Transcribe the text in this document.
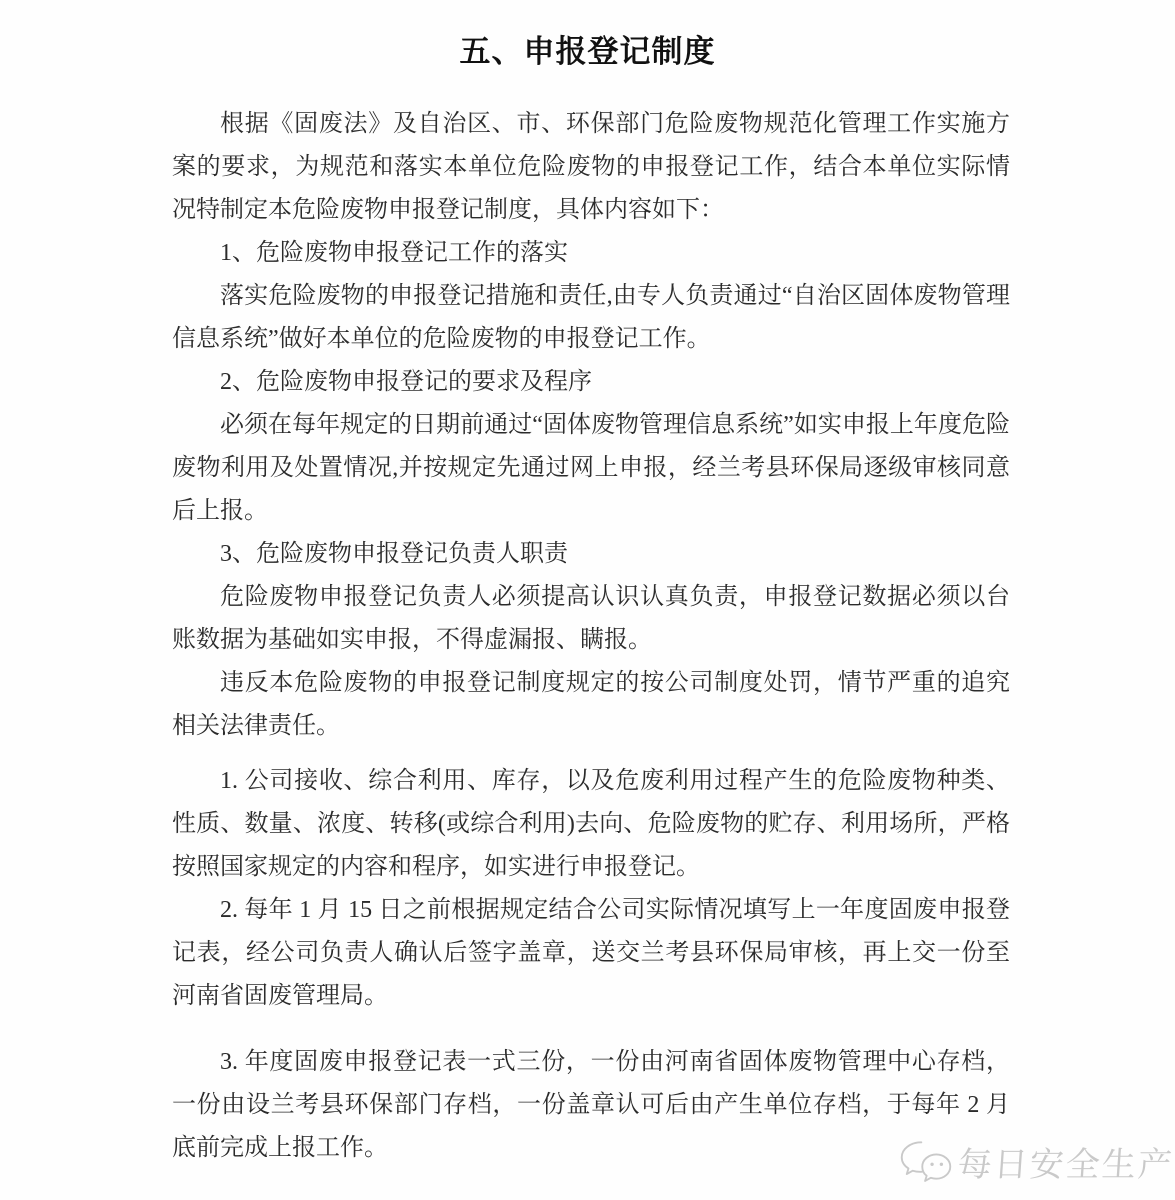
五、申报登记制度

根据《固废法》及自治区、市、环保部门危险废物规范化管理工作实施方案的要求，为规范和落实本单位危险废物的申报登记工作，结合本单位实际情况特制定本危险废物申报登记制度，具体内容如下：

1、危险废物申报登记工作的落实

落实危险废物的申报登记措施和责任,由专人负责通过“自治区固体废物管理信息系统”做好本单位的危险废物的申报登记工作。

2、危险废物申报登记的要求及程序

必须在每年规定的日期前通过“固体废物管理信息系统”如实申报上年度危险废物利用及处置情况,并按规定先通过网上申报，经兰考县环保局逐级审核同意后上报。

3、危险废物申报登记负责人职责

危险废物申报登记负责人必须提高认识认真负责，申报登记数据必须以台账数据为基础如实申报，不得虚漏报、瞒报。

违反本危险废物的申报登记制度规定的按公司制度处罚，情节严重的追究相关法律责任。

1. 公司接收、综合利用、库存，以及危废利用过程产生的危险废物种类、性质、数量、浓度、转移(或综合利用)去向、危险废物的贮存、利用场所，严格按照国家规定的内容和程序，如实进行申报登记。

2. 每年 1 月 15 日之前根据规定结合公司实际情况填写上一年度固废申报登记表，经公司负责人确认后签字盖章，送交兰考县环保局审核，再上交一份至河南省固废管理局。

3. 年度固废申报登记表一式三份，一份由河南省固体废物管理中心存档，一份由设兰考县环保部门存档，一份盖章认可后由产生单位存档，于每年 2 月底前完成上报工作。	每日安全生产
